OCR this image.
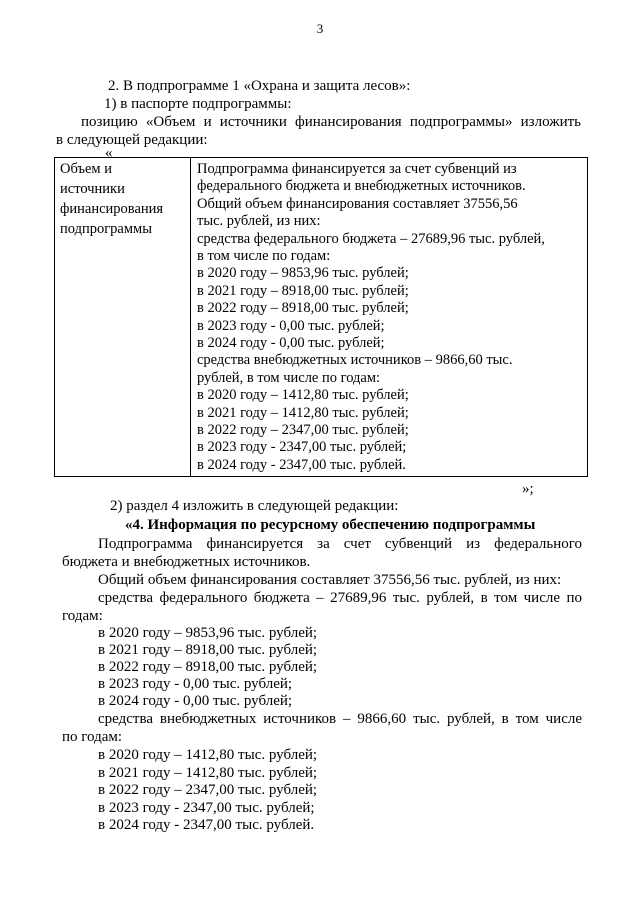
3
2. В подпрограмме 1 «Охрана и защита лесов»:
1) в паспорте подпрограммы:
позицию «Объем и источники финансирования подпрограммы» изложить
в следующей редакции:
«
Объем и
источники
финансирования
подпрограммы
Подпрограмма финансируется за счет субвенций из
федерального бюджета и внебюджетных источников.
Общий объем финансирования составляет 37556,56
тыс. рублей, из них:
средства федерального бюджета – 27689,96 тыс. рублей,
в том числе по годам:
в 2020 году – 9853,96 тыс. рублей;
в 2021 году – 8918,00 тыс. рублей;
в 2022 году – 8918,00 тыс. рублей;
в 2023 году - 0,00 тыс. рублей;
в 2024 году - 0,00 тыс. рублей;
средства внебюджетных источников – 9866,60 тыс.
рублей, в том числе по годам:
в 2020 году – 1412,80 тыс. рублей;
в 2021 году – 1412,80 тыс. рублей;
в 2022 году – 2347,00 тыс. рублей;
в 2023 году - 2347,00 тыс. рублей;
в 2024 году - 2347,00 тыс. рублей.
»;
2) раздел 4 изложить в следующей редакции:
«4. Информация по ресурсному обеспечению подпрограммы
Подпрограмма финансируется за счет субвенций из федерального
бюджета и внебюджетных источников.
Общий объем финансирования составляет 37556,56 тыс. рублей, из них:
средства федерального бюджета – 27689,96 тыс. рублей, в том числе по
годам:
в 2020 году – 9853,96 тыс. рублей;
в 2021 году – 8918,00 тыс. рублей;
в 2022 году – 8918,00 тыс. рублей;
в 2023 году - 0,00 тыс. рублей;
в 2024 году - 0,00 тыс. рублей;
средства внебюджетных источников – 9866,60 тыс. рублей, в том числе
по годам:
в 2020 году – 1412,80 тыс. рублей;
в 2021 году – 1412,80 тыс. рублей;
в 2022 году – 2347,00 тыс. рублей;
в 2023 году - 2347,00 тыс. рублей;
в 2024 году - 2347,00 тыс. рублей.
